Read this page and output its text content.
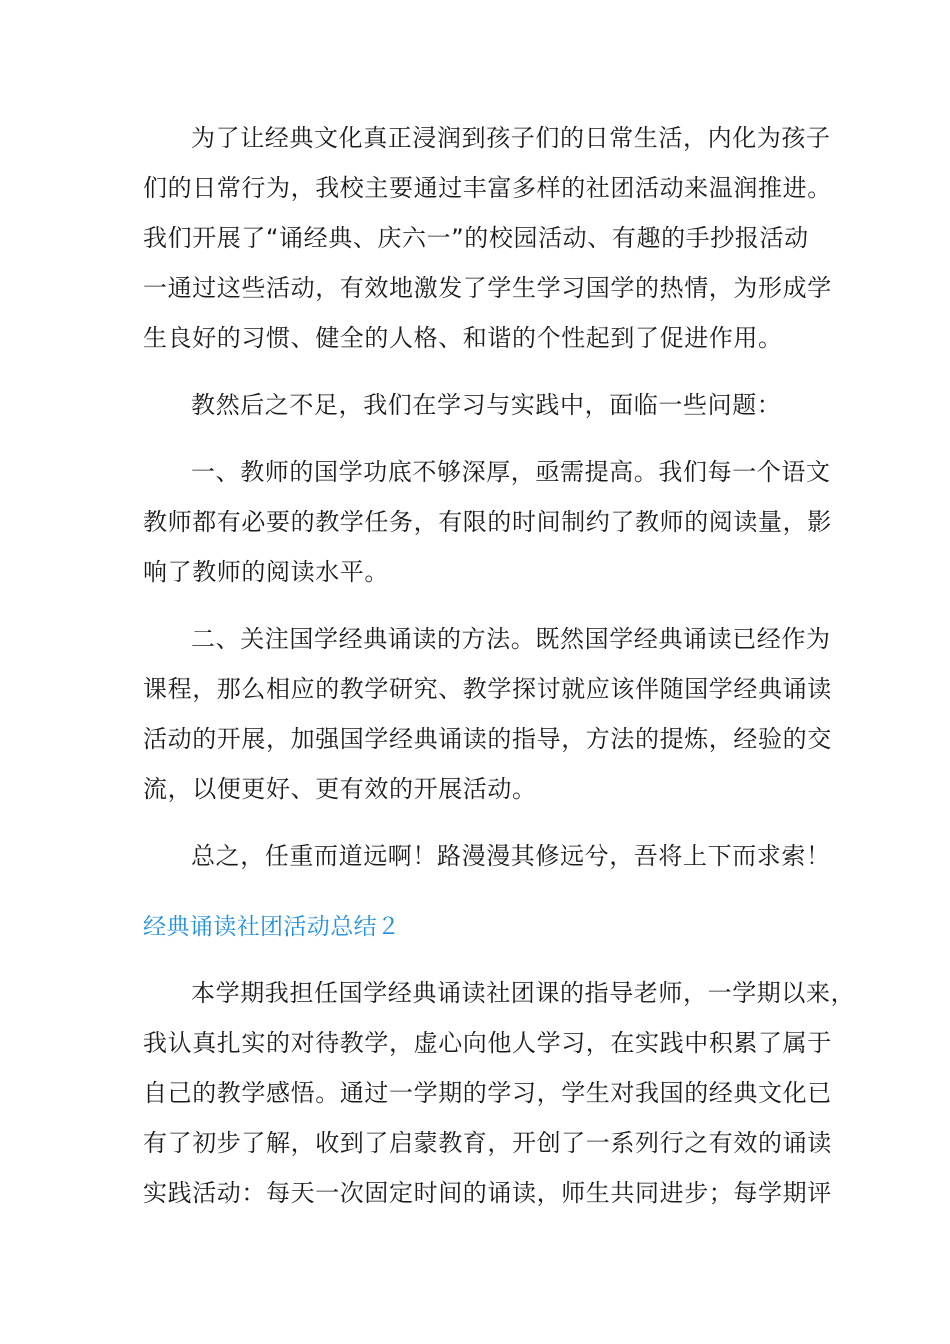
为了让经典文化真正浸润到孩子们的日常生活，内化为孩子
们的日常行为，我校主要通过丰富多样的社团活动来温润推进。
我们开展了“诵经典、庆六一”的校园活动、有趣的手抄报活动
一通过这些活动，有效地激发了学生学习国学的热情，为形成学
生良好的习惯、健全的人格、和谐的个性起到了促进作用。
教然后之不足，我们在学习与实践中，面临一些问题：
一、教师的国学功底不够深厚，亟需提高。我们每一个语文
教师都有必要的教学任务，有限的时间制约了教师的阅读量，影
响了教师的阅读水平。
二、关注国学经典诵读的方法。既然国学经典诵读已经作为
课程，那么相应的教学研究、教学探讨就应该伴随国学经典诵读
活动的开展，加强国学经典诵读的指导，方法的提炼，经验的交
流，以便更好、更有效的开展活动。
总之，任重而道远啊！路漫漫其修远兮，吾将上下而求索！
经典诵读社团活动总结２
本学期我担任国学经典诵读社团课的指导老师，一学期以来，
我认真扎实的对待教学，虚心向他人学习，在实践中积累了属于
自己的教学感悟。通过一学期的学习，学生对我国的经典文化已
有了初步了解，收到了启蒙教育，开创了一系列行之有效的诵读
实践活动：每天一次固定时间的诵读，师生共同进步；每学期评
